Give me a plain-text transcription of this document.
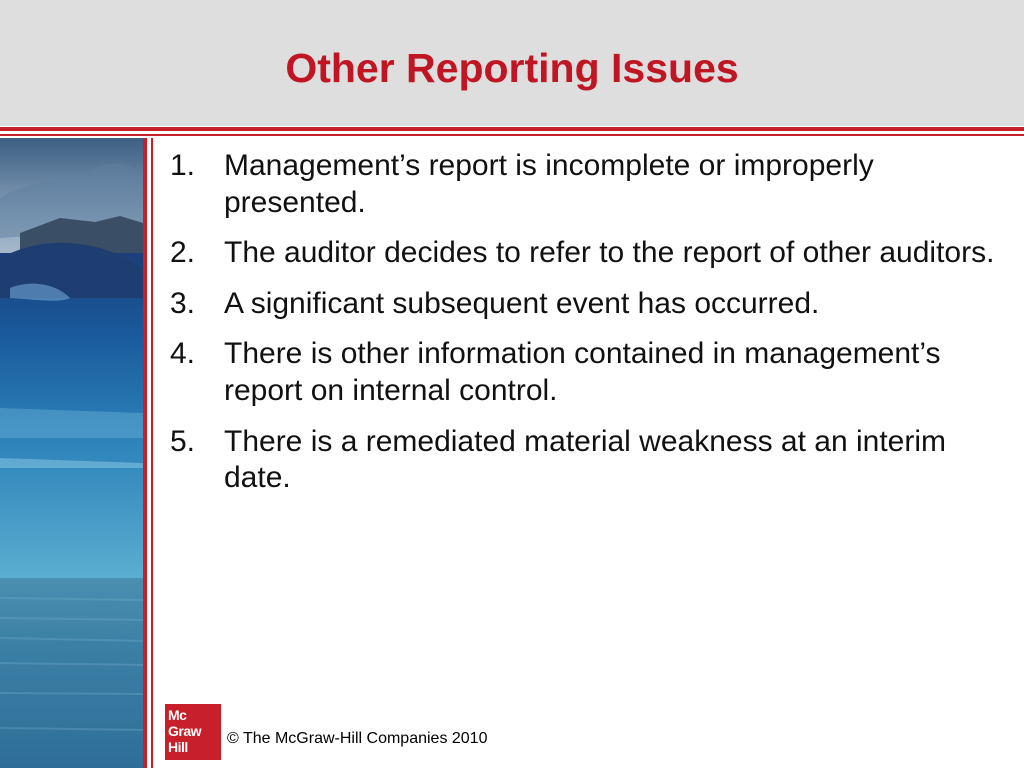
Other Reporting Issues
1. Management’s report is incomplete or improperly presented.
2. The auditor decides to refer to the report of other auditors.
3. A significant subsequent event has occurred.
4. There is other information contained in management’s report on internal control.
5. There is a remediated material weakness at an interim date.
Mc
Graw
Hill	© The McGraw-Hill Companies 2010
